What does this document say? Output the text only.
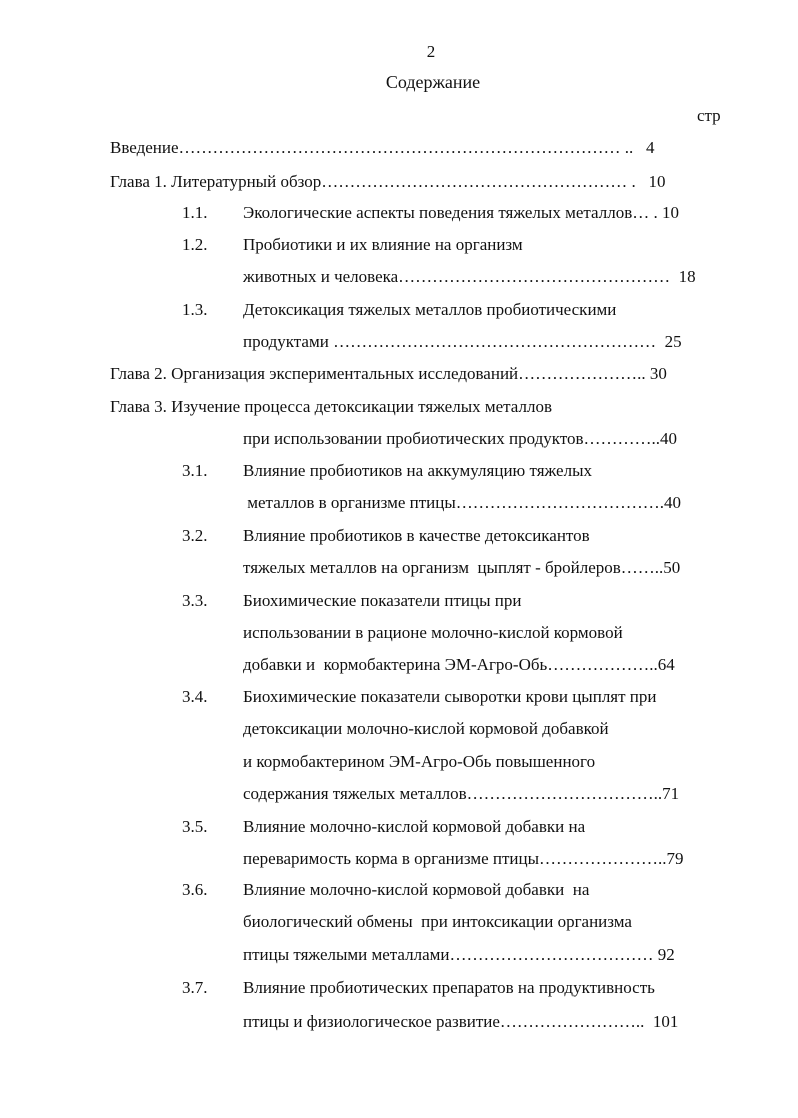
2
Содержание
стр
Введение…………………………………………………………………… ..   4
Глава 1. Литературный обзор……………………………………………… .   10
1.1. Экологические аспекты поведения тяжелых металлов… . 10
1.2. Пробиотики и их влияние на организм
животных и человека…………………………………………  18
1.3. Детоксикация тяжелых металлов пробиотическими
продуктами …………………………………………………  25
Глава 2. Организация экспериментальных исследований………………….. 30
Глава 3. Изучение процесса детоксикации тяжелых металлов
при использовании пробиотических продуктов…………..40
3.1. Влияние пробиотиков на аккумуляцию тяжелых
металлов в организме птицы……………………………….40
3.2. Влияние пробиотиков в качестве детоксикантов
тяжелых металлов на организм  цыплят - бройлеров……..50
3.3. Биохимические показатели птицы при
использовании в рационе молочно-кислой кормовой
добавки и  кормобактерина ЭМ-Агро-Обь………………..64
3.4. Биохимические показатели сыворотки крови цыплят при
детоксикации молочно-кислой кормовой добавкой
и кормобактерином ЭМ-Агро-Обь повышенного
содержания тяжелых металлов……………………………..71
3.5. Влияние молочно-кислой кормовой добавки на
переваримость корма в организме птицы…………………..79
3.6. Влияние молочно-кислой кормовой добавки  на
биологический обмены  при интоксикации организма
птицы тяжелыми металлами……………………………… 92
3.7. Влияние пробиотических препаратов на продуктивность
птицы и физиологическое развитие……………………..  101
